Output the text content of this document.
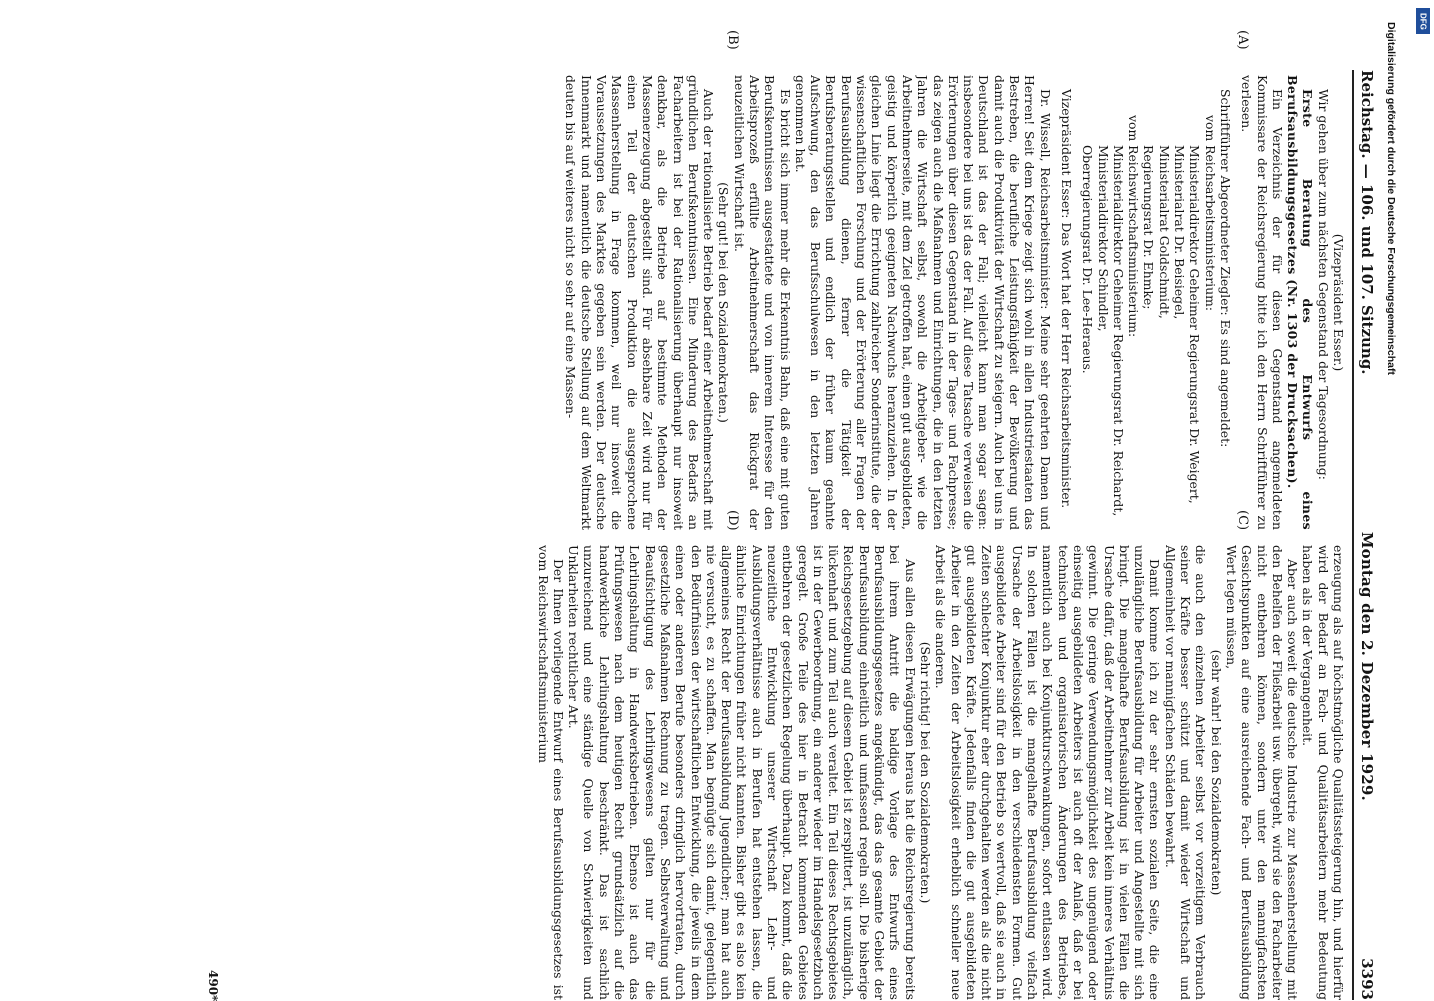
Reichstag. — 106. und 107. Sitzung.
Montag den 2. Dezember 1929.
3393
(A)
(B)
(C)
(D)

(Vizepräsident Esser.)

Wir gehen über zum nächsten Gegenstand der Tagesordnung:

Erste Beratung des Entwurfs eines Berufsausbildungsgesetzes (Nr. 1303 der Drucksachen).

Ein Verzeichnis der für diesen Gegenstand angemeldeten Kommissare der Reichsregierung bitte ich den Herrn Schriftführer zu verlesen.

Schriftführer Abgeordneter Ziegler: Es sind angemeldet:

vom Reichsarbeitsministerium:

Ministerialdirektor Geheimer Regierungsrat Dr. Weigert,

Ministerialrat Dr. Beisiegel,

Ministerialrat Goldschmidt,

Regierungsrat Dr. Ehmke;

vom Reichswirtschaftsministerium:

Ministerialdirektor Geheimer Regierungsrat Dr. Reichardt,

Ministerialdirektor Schindler,

Oberregierungsrat Dr. Lee-Heraeus.

Vizepräsident Esser: Das Wort hat der Herr Reichsarbeitsminister.

Dr. Wissell, Reichsarbeitsminister: Meine sehr geehrten Damen und Herren! Seit dem Kriege zeigt sich wohl in allen Industriestaaten das Bestreben, die berufliche Leistungsfähigkeit der Bevölkerung und damit auch die Produktivität der Wirtschaft zu steigern. Auch bei uns in Deutschland ist das der Fall; vielleicht kann man sogar sagen: insbesondere bei uns ist das der Fall. Auf diese Tatsache verweisen die Erörterungen über diesen Gegenstand in der Tages- und Fachpresse; das zeigen auch die Maßnahmen und Einrichtungen, die in den letzten Jahren die Wirtschaft selbst, sowohl die Arbeitgeber- wie die Arbeitnehmerseite, mit dem Ziel getroffen hat, einen gut ausgebildeten, geistig und körperlich geeigneten Nachwuchs heranzuziehen. In der gleichen Linie liegt die Errichtung zahlreicher Sonderinstitute, die der wissenschaftlichen Forschung und der Erörterung aller Fragen der Berufsausbildung dienen, ferner die Tätigkeit der Berufsberatungsstellen und endlich der früher kaum geahnte Aufschwung, den das Berufsschulwesen in den letzten Jahren genommen hat.

Es bricht sich immer mehr die Erkenntnis Bahn, daß eine mit guten Berufskenntnissen ausgestattete und von innerem Interesse für den Arbeitsprozeß erfüllte Arbeitnehmerschaft das Rückgrat der neuzeitlichen Wirtschaft ist.

(Sehr gut! bei den Sozialdemokraten.)

Auch der rationalisierte Betrieb bedarf einer Arbeitnehmerschaft mit gründlichen Berufskenntnissen. Eine Minderung des Bedarfs an Facharbeitern ist bei der Rationalisierung überhaupt nur insoweit denkbar, als die Betriebe auf bestimmte Methoden der Massenerzeugung abgestellt sind. Für absehbare Zeit wird nur für einen Teil der deutschen Produktion die ausgesprochene Massenherstellung in Frage kommen, weil nur insoweit die Voraussetzungen des Marktes gegeben sein werden. Der deutsche Innenmarkt und namentlich die deutsche Stellung auf dem Weltmarkt deuten bis auf weiteres nicht so sehr auf eine Massen-

erzeugung als auf höchstmögliche Qualitätssteigerung hin, und hierfür wird der Bedarf an Fach- und Qualitätsarbeitern mehr Bedeutung haben als in der Vergangenheit.

Aber auch soweit die deutsche Industrie zur Massenherstellung mit den Behelfen der Fließarbeit usw. übergeht, wird sie den Facharbeiter nicht entbehren können, sondern unter den mannigfachsten Gesichtspunkten auf eine ausreichende Fach- und Berufsausbildung Wert legen müssen,

(sehr wahr! bei den Sozialdemokraten)

die auch den einzelnen Arbeiter selbst vor vorzeitigem Verbrauch seiner Kräfte besser schützt und damit wieder Wirtschaft und Allgemeinheit vor mannigfachen Schäden bewahrt.

Damit komme ich zu der sehr ernsten sozialen Seite, die eine unzulängliche Berufsausbildung für Arbeiter und Angestellte mit sich bringt. Die mangelhafte Berufsausbildung ist in vielen Fällen die Ursache dafür, daß der Arbeitnehmer zur Arbeit kein inneres Verhältnis gewinnt. Die geringe Verwendungsmöglichkeit des ungenügend oder einseitig ausgebildeten Arbeiters ist auch oft der Anlaß, daß er bei technischen und organisatorischen Änderungen des Betriebes, namentlich auch bei Konjunkturschwankungen, sofort entlassen wird. In solchen Fällen ist die mangelhafte Berufsausbildung vielfach Ursache der Arbeitslosigkeit in den verschiedensten Formen. Gut ausgebildete Arbeiter sind für den Betrieb so wertvoll, daß sie auch in Zeiten schlechter Konjunktur eher durchgehalten werden als die nicht gut ausgebildeten Kräfte. Jedenfalls finden die gut ausgebildeten Arbeiter in den Zeiten der Arbeitslosigkeit erheblich schneller neue Arbeit als die anderen.

(Sehr richtig! bei den Sozialdemokraten.)

Aus allen diesen Erwägungen heraus hat die Reichsregierung bereits bei ihrem Antritt die baldige Vorlage des Entwurfs eines Berufsausbildungsgesetzes angekündigt, das das gesamte Gebiet der Berufsausbildung einheitlich und umfassend regeln soll. Die bisherige Reichsgesetzgebung auf diesem Gebiet ist zersplittert, ist unzulänglich, lückenhaft und zum Teil auch veraltet. Ein Teil dieses Rechtsgebietes ist in der Gewerbeordnung, ein anderer wieder im Handelsgesetzbuch geregelt. Große Teile des hier in Betracht kommenden Gebietes entbehren der gesetzlichen Regelung überhaupt. Dazu kommt, daß die neuzeitliche Entwicklung unserer Wirtschaft Lehr- und Ausbildungsverhältnisse auch in Berufen hat entstehen lassen, die ähnliche Einrichtungen früher nicht kannten. Bisher gibt es also kein allgemeines Recht der Berufsausbildung Jugendlicher; man hat auch nie versucht, es zu schaffen. Man begnügte sich damit, gelegentlich den Bedürfnissen der wirtschaftlichen Entwicklung, die jeweils in dem einen oder anderen Berufe besonders dringlich hervortraten, durch gesetzliche Maßnahmen Rechnung zu tragen. Selbstverwaltung und Beaufsichtigung des Lehrlingswesens galten nur für die Lehrlingshaltung in Handwerksbetrieben. Ebenso ist auch das Prüfungswesen nach dem heutigen Recht grundsätzlich auf die handwerkliche Lehrlingshaltung beschränkt. Das ist sachlich unzureichend und eine ständige Quelle von Schwierigkeiten und Unklarheiten rechtlicher Art.

Der Ihnen vorliegende Entwurf eines Berufsausbildungsgesetzes ist vom Reichswirtschaftsministerium

490*
Digitalisierung gefördert durch die Deutsche Forschungsgemeinschaft
DFG
